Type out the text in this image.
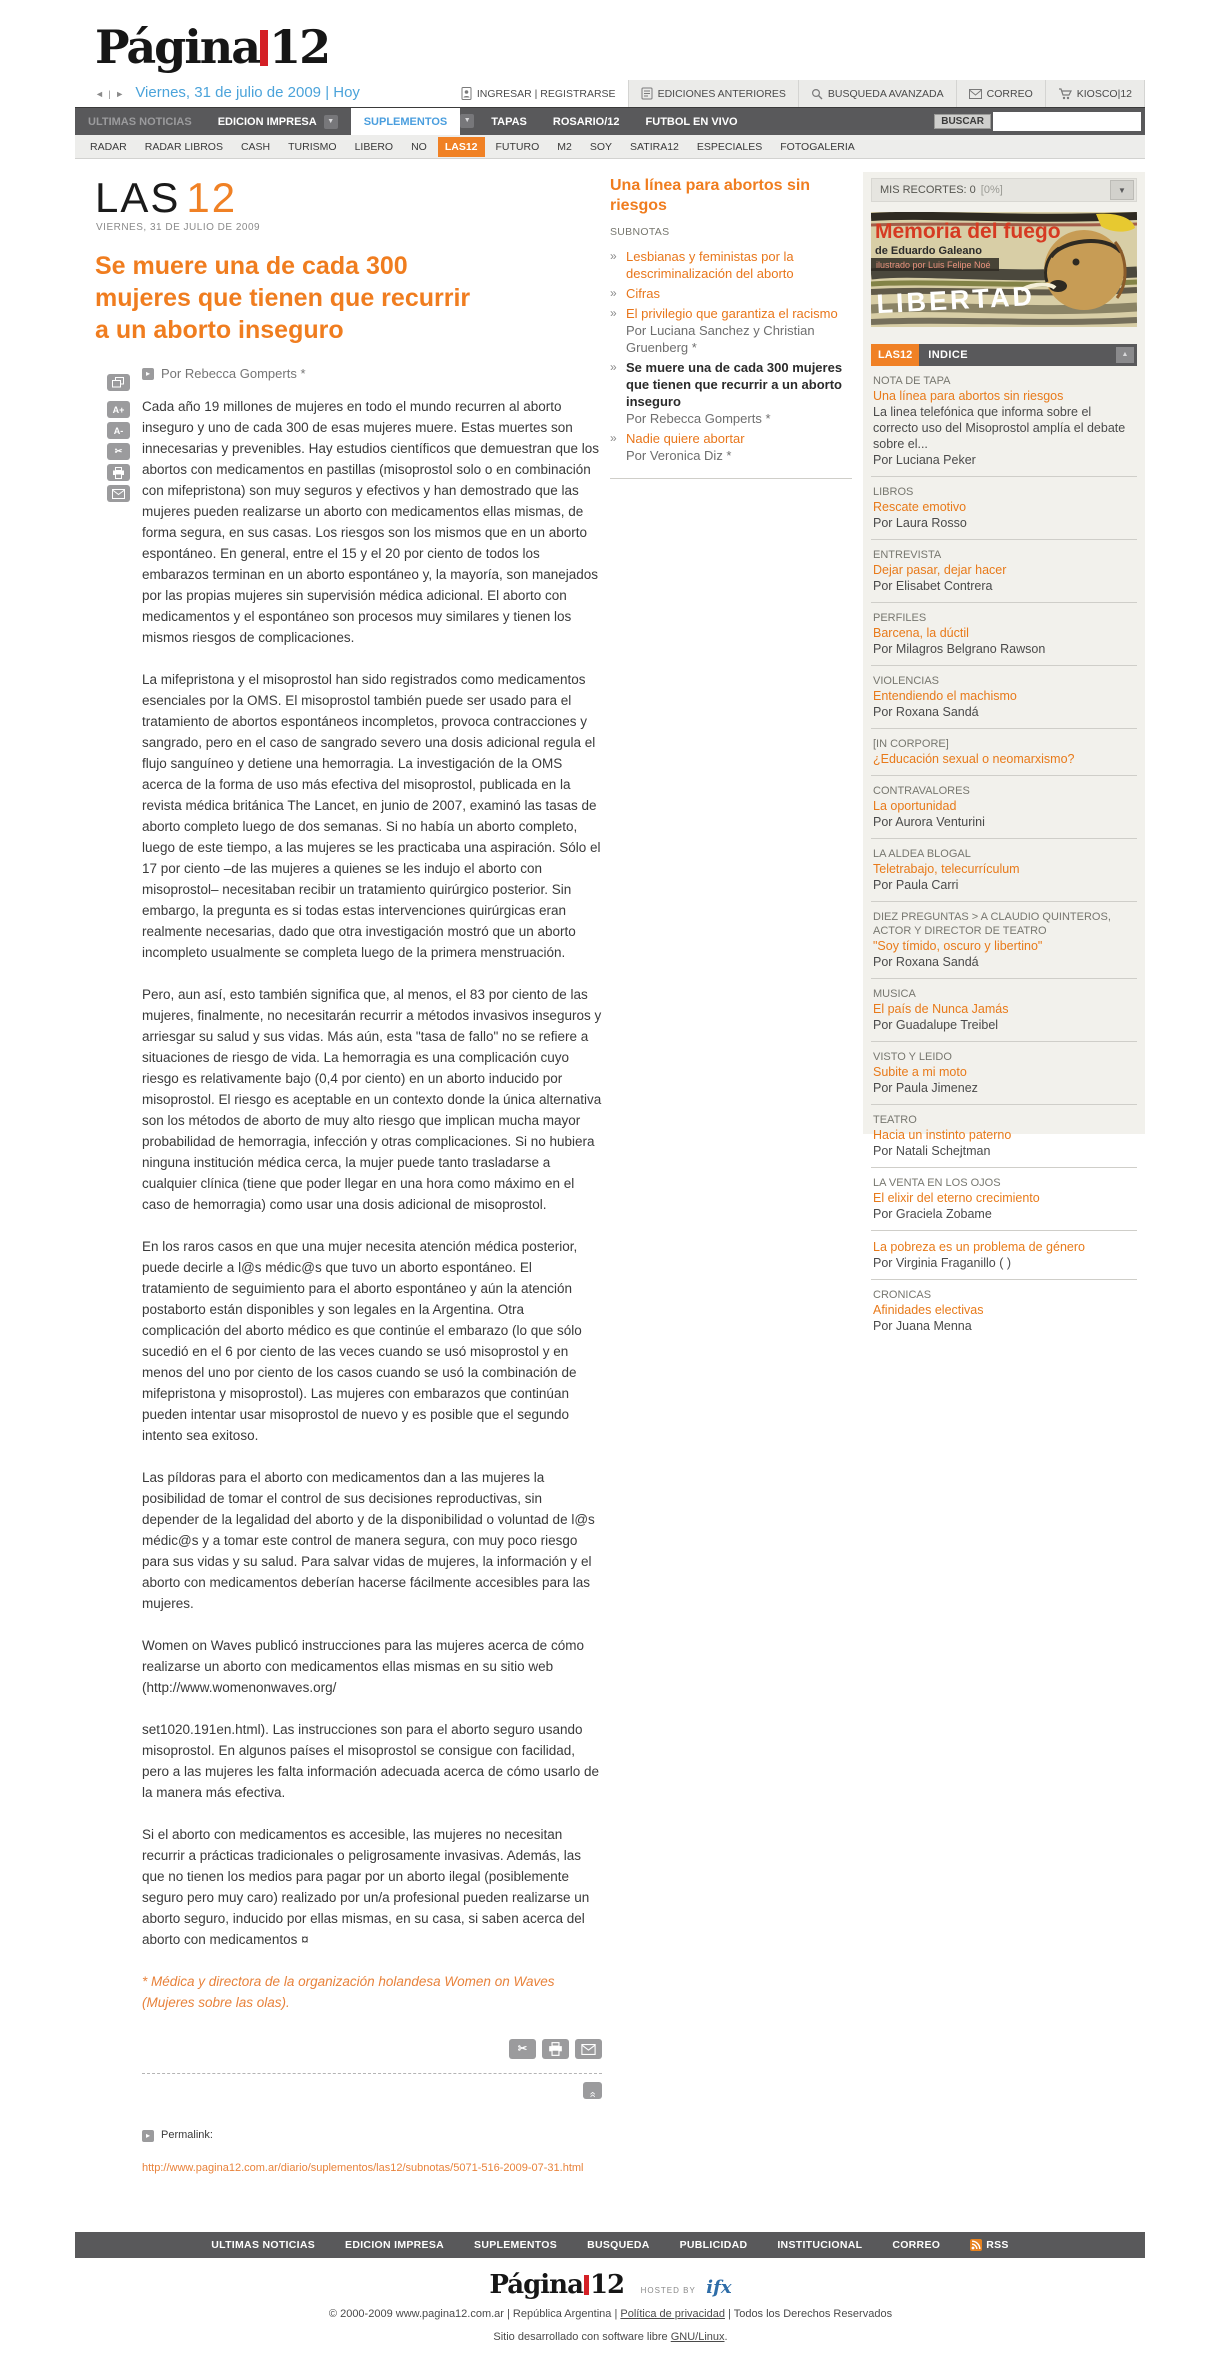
Página 12
◄ | ► Viernes, 31 de julio de 2009 | Hoy	INGRESAR | REGISTRARSE	EDICIONES ANTERIORES	BUSQUEDA AVANZADA	CORREO	KIOSCO|12
ULTIMAS NOTICIAS	EDICION IMPRESA	▼	SUPLEMENTOS	▼	TAPAS	ROSARIO/12	FUTBOL EN VIVO	BUSCAR
RADAR	RADAR LIBROS	CASH	TURISMO	LIBERO	NO	LAS12	FUTURO	M2	SOY	SATIRA12	ESPECIALES	FOTOGALERIA
LAS 12
VIERNES, 31 DE JULIO DE 2009
Se muere una de cada 300
mujeres que tienen que recurrir
a un aborto inseguro
▸ Por Rebecca Gomperts *
A+
A-
✂

Cada año 19 millones de mujeres en todo el mundo recurren al aborto inseguro y uno de cada 300 de esas mujeres muere. Estas muertes son innecesarias y prevenibles. Hay estudios científicos que demuestran que los abortos con medicamentos en pastillas (misoprostol solo o en combinación con mifepristona) son muy seguros y efectivos y han demostrado que las mujeres pueden realizarse un aborto con medicamentos ellas mismas, de forma segura, en sus casas. Los riesgos son los mismos que en un aborto espontáneo. En general, entre el 15 y el 20 por ciento de todos los embarazos terminan en un aborto espontáneo y, la mayoría, son manejados por las propias mujeres sin supervisión médica adicional. El aborto con medicamentos y el espontáneo son procesos muy similares y tienen los mismos riesgos de complicaciones.

La mifepristona y el misoprostol han sido registrados como medicamentos esenciales por la OMS. El misoprostol también puede ser usado para el tratamiento de abortos espontáneos incompletos, provoca contracciones y sangrado, pero en el caso de sangrado severo una dosis adicional regula el flujo sanguíneo y detiene una hemorragia. La investigación de la OMS acerca de la forma de uso más efectiva del misoprostol, publicada en la revista médica británica The Lancet, en junio de 2007, examinó las tasas de aborto completo luego de dos semanas. Si no había un aborto completo, luego de este tiempo, a las mujeres se les practicaba una aspiración. Sólo el 17 por ciento –de las mujeres a quienes se les indujo el aborto con misoprostol– necesitaban recibir un tratamiento quirúrgico posterior. Sin embargo, la pregunta es si todas estas intervenciones quirúrgicas eran realmente necesarias, dado que otra investigación mostró que un aborto incompleto usualmente se completa luego de la primera menstruación.

Pero, aun así, esto también significa que, al menos, el 83 por ciento de las mujeres, finalmente, no necesitarán recurrir a métodos invasivos inseguros y arriesgar su salud y sus vidas. Más aún, esta "tasa de fallo" no se refiere a situaciones de riesgo de vida. La hemorragia es una complicación cuyo riesgo es relativamente bajo (0,4 por ciento) en un aborto inducido por misoprostol. El riesgo es aceptable en un contexto donde la única alternativa son los métodos de aborto de muy alto riesgo que implican mucha mayor probabilidad de hemorragia, infección y otras complicaciones. Si no hubiera ninguna institución médica cerca, la mujer puede tanto trasladarse a cualquier clínica (tiene que poder llegar en una hora como máximo en el caso de hemorragia) como usar una dosis adicional de misoprostol.

En los raros casos en que una mujer necesita atención médica posterior, puede decirle a l@s médic@s que tuvo un aborto espontáneo. El tratamiento de seguimiento para el aborto espontáneo y aún la atención postaborto están disponibles y son legales en la Argentina. Otra complicación del aborto médico es que continúe el embarazo (lo que sólo sucedió en el 6 por ciento de las veces cuando se usó misoprostol y en menos del uno por ciento de los casos cuando se usó la combinación de mifepristona y misoprostol). Las mujeres con embarazos que continúan pueden intentar usar misoprostol de nuevo y es posible que el segundo intento sea exitoso.

Las píldoras para el aborto con medicamentos dan a las mujeres la posibilidad de tomar el control de sus decisiones reproductivas, sin depender de la legalidad del aborto y de la disponibilidad o voluntad de l@s médic@s y a tomar este control de manera segura, con muy poco riesgo para sus vidas y su salud. Para salvar vidas de mujeres, la información y el aborto con medicamentos deberían hacerse fácilmente accesibles para las mujeres.

Women on Waves publicó instrucciones para las mujeres acerca de cómo realizarse un aborto con medicamentos ellas mismas en su sitio web (http://www.womenonwaves.org/

set1020.191en.html). Las instrucciones son para el aborto seguro usando misoprostol. En algunos países el misoprostol se consigue con facilidad, pero a las mujeres les falta información adecuada acerca de cómo usarlo de la manera más efectiva.

Si el aborto con medicamentos es accesible, las mujeres no necesitan recurrir a prácticas tradicionales o peligrosamente invasivas. Además, las que no tienen los medios para pagar por un aborto ilegal (posiblemente seguro pero muy caro) realizado por un/a profesional pueden realizarse un aborto seguro, inducido por ellas mismas, en su casa, si saben acerca del aborto con medicamentos ¤

* Médica y directora de la organización holandesa Women on Waves (Mujeres sobre las olas).

✂
«
▸	Permalink:
http://www.pagina12.com.ar/diario/suplementos/las12/subnotas/5071-516-2009-07-31.html
Una línea para abortos sin riesgos
SUBNOTAS
» Lesbianas y feministas por la descriminalización del aborto
» Cifras
» El privilegio que garantiza el racismo
Por Luciana Sanchez y Christian Gruenberg *
» Se muere una de cada 300 mujeres que tienen que recurrir a un aborto inseguro
Por Rebecca Gomperts *
» Nadie quiere abortar
Por Veronica Diz *
MIS RECORTES: 0 [0%]	▼
Memoria del fuego
de Eduardo Galeano
ilustrado por Luis Felipe Noé
LIBERTAD
LAS12	INDICE	▲
NOTA DE TAPA
Una línea para abortos sin riesgos
La linea telefónica que informa sobre el correcto uso del Misoprostol amplía el debate sobre el...
Por Luciana Peker
LIBROS
Rescate emotivo
Por Laura Rosso
ENTREVISTA
Dejar pasar, dejar hacer
Por Elisabet Contrera
PERFILES
Barcena, la dúctil
Por Milagros Belgrano Rawson
VIOLENCIAS
Entendiendo el machismo
Por Roxana Sandá
[IN CORPORE]
¿Educación sexual o neomarxismo?
CONTRAVALORES
La oportunidad
Por Aurora Venturini
LA ALDEA BLOGAL
Teletrabajo, telecurrículum
Por Paula Carri
DIEZ PREGUNTAS > A CLAUDIO QUINTEROS, ACTOR Y DIRECTOR DE TEATRO
"Soy tímido, oscuro y libertino"
Por Roxana Sandá
MUSICA
El país de Nunca Jamás
Por Guadalupe Treibel
VISTO Y LEIDO
Subite a mi moto
Por Paula Jimenez
TEATRO
Hacia un instinto paterno
Por Natali Schejtman
LA VENTA EN LOS OJOS
El elixir del eterno crecimiento
Por Graciela Zobame
La pobreza es un problema de género
Por Virginia Fraganillo ( )
CRONICAS
Afinidades electivas
Por Juana Menna
ULTIMAS NOTICIAS	EDICION IMPRESA	SUPLEMENTOS	BUSQUEDA	PUBLICIDAD	INSTITUCIONAL	CORREO	RSS
Página 12 HOSTED BY ifx
© 2000-2009 www.pagina12.com.ar | República Argentina | Política de privacidad | Todos los Derechos Reservados
Sitio desarrollado con software libre GNU/Linux.
